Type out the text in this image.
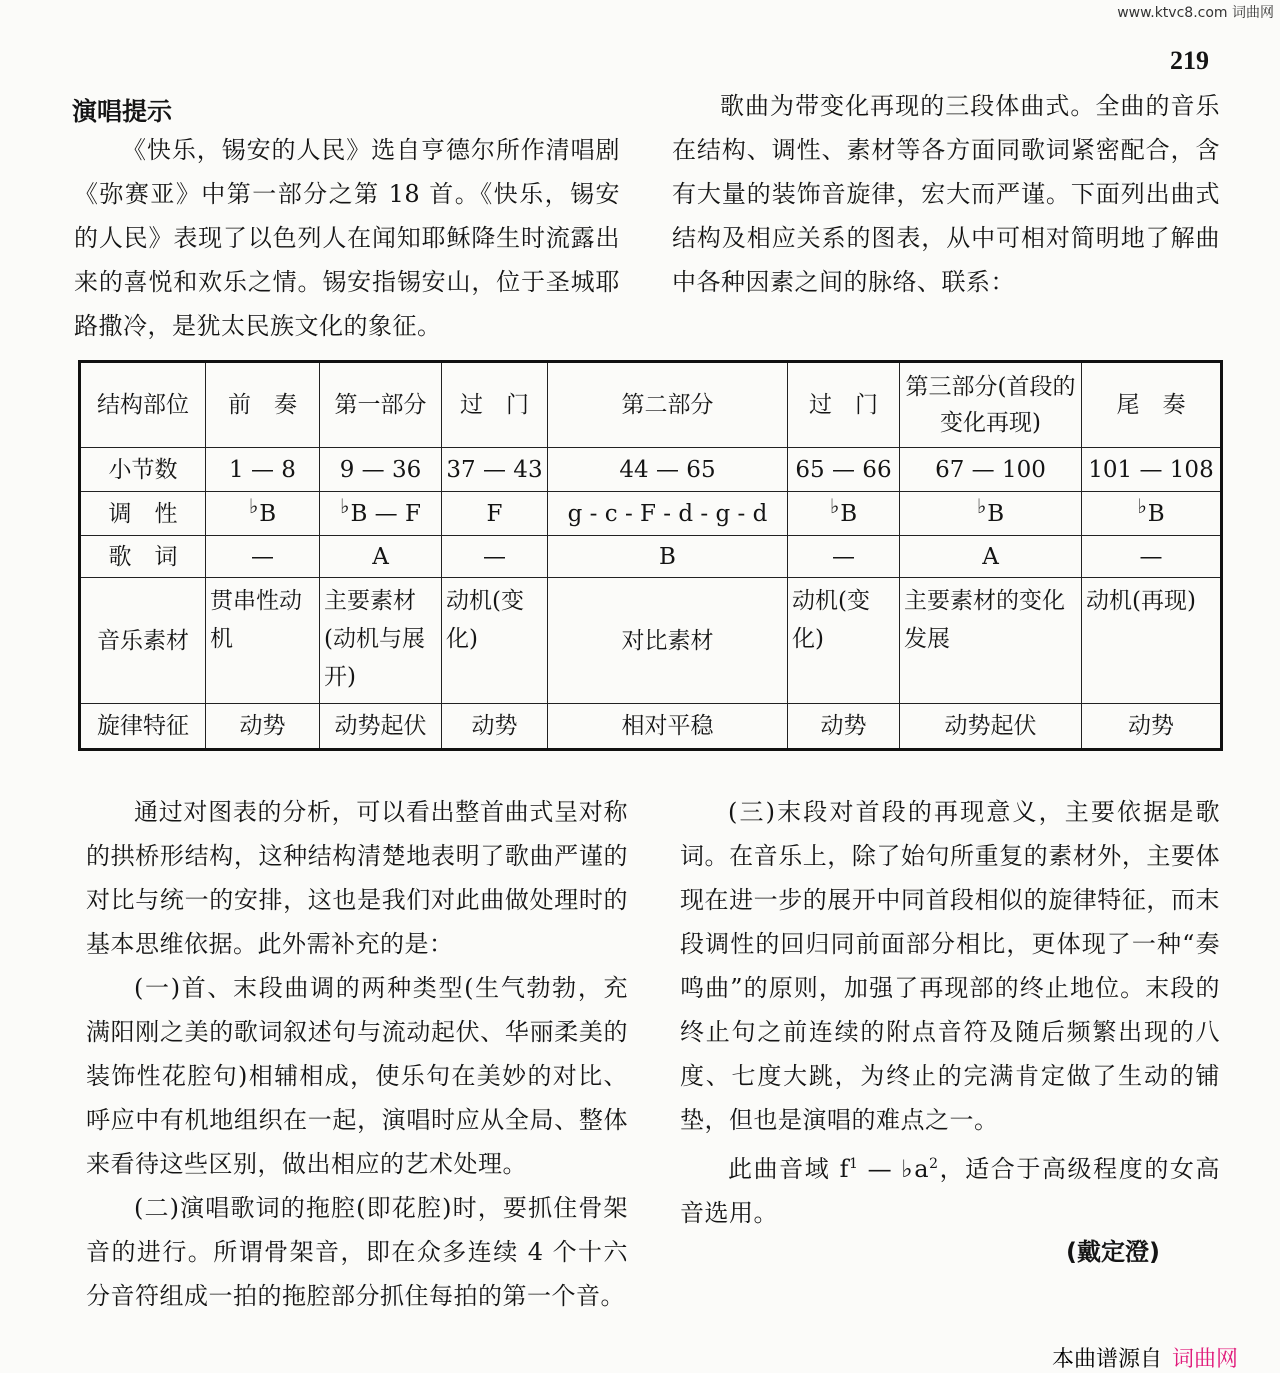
www.ktvc8.com 词曲网
219
演唱提示

《快乐，锡安的人民》选自亨德尔所作清唱剧《弥赛亚》中第一部分之第 18 首。《快乐，锡安的人民》表现了以色列人在闻知耶稣降生时流露出来的喜悦和欢乐之情。锡安指锡安山，位于圣城耶路撒冷，是犹太民族文化的象征。

歌曲为带变化再现的三段体曲式。全曲的音乐在结构、调性、素材等各方面同歌词紧密配合，含有大量的装饰音旋律，宏大而严谨。下面列出曲式结构及相应关系的图表，从中可相对简明地了解曲中各种因素之间的脉络、联系：

结构部位	前　奏	第一部分	过　门	第二部分	过　门	第三部分(首段的变化再现)	尾　奏
小节数	1 — 8	9 — 36	37 — 43	44 — 65	65 — 66	67 — 100	101 — 108
调　性	♭B	♭B — F	F	g - c - F - d - g - d	♭B	♭B	♭B
歌　词	—	A	—	B	—	A	—
音乐素材	贯串性动机	主要素材(动机与展开)	动机(变化)	对比素材	动机(变化)	主要素材的变化发展	动机(再现)
旋律特征	动势	动势起伏	动势	相对平稳	动势	动势起伏	动势

通过对图表的分析，可以看出整首曲式呈对称的拱桥形结构，这种结构清楚地表明了歌曲严谨的对比与统一的安排，这也是我们对此曲做处理时的基本思维依据。此外需补充的是：

(一)首、末段曲调的两种类型(生气勃勃，充满阳刚之美的歌词叙述句与流动起伏、华丽柔美的装饰性花腔句)相辅相成，使乐句在美妙的对比、呼应中有机地组织在一起，演唱时应从全局、整体来看待这些区别，做出相应的艺术处理。

(二)演唱歌词的拖腔(即花腔)时，要抓住骨架音的进行。所谓骨架音，即在众多连续 4 个十六分音符组成一拍的拖腔部分抓住每拍的第一个音。

(三)末段对首段的再现意义，主要依据是歌词。在音乐上，除了始句所重复的素材外，主要体现在进一步的展开中同首段相似的旋律特征，而末段调性的回归同前面部分相比，更体现了一种“奏鸣曲”的原则，加强了再现部的终止地位。末段的终止句之前连续的附点音符及随后频繁出现的八度、七度大跳，为终止的完满肯定做了生动的铺垫，但也是演唱的难点之一。

此曲音域 $f^1$ — $♭a^2$，适合于高级程度的女高音选用。

(戴定澄)
本曲谱源自 词曲网
